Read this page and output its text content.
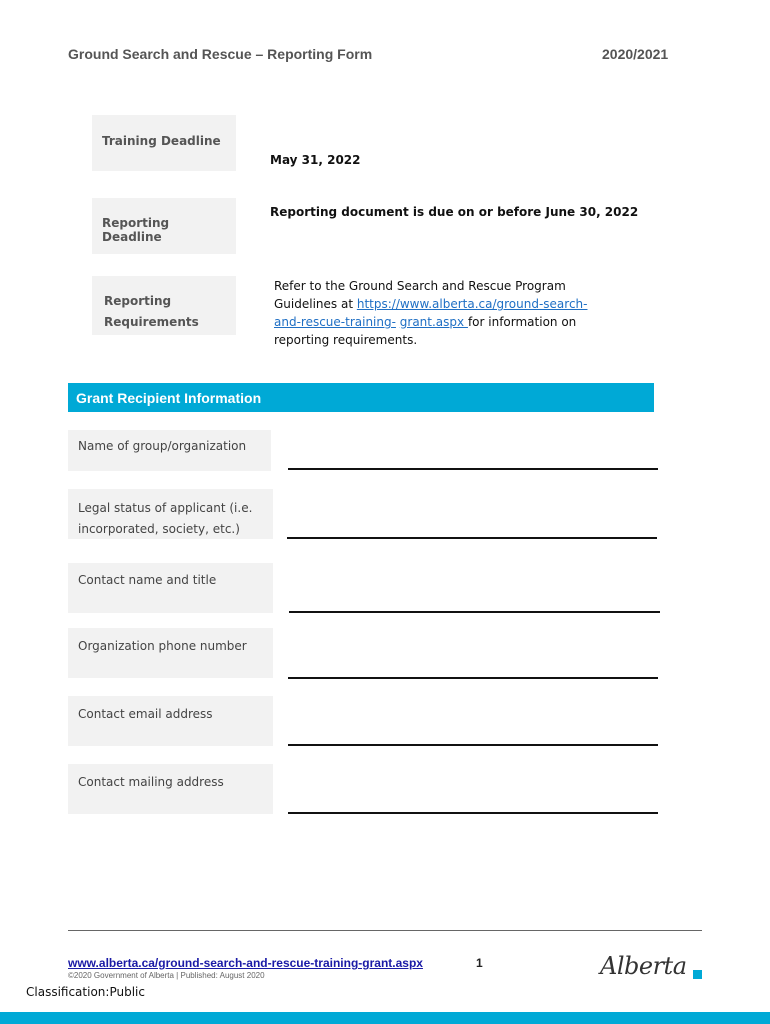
Ground Search and Rescue – Reporting Form	2020/2021
Training Deadline
May 31, 2022
Reporting Deadline
Reporting document is due on or before June 30, 2022
Reporting
Requirements
Refer to the Ground Search and Rescue Program Guidelines at https://www.alberta.ca/ground-search-and-rescue-training- grant.aspx for information on reporting requirements.
Grant Recipient Information
Name of group/organization
Legal status of applicant (i.e.
incorporated, society, etc.)
Contact name and title
Organization phone number
Contact email address
Contact mailing address
www.alberta.ca/ground-search-and-rescue-training-grant.aspx
©2020 Government of Alberta | Published: August 2020
1	Alberta
Classification:Public
